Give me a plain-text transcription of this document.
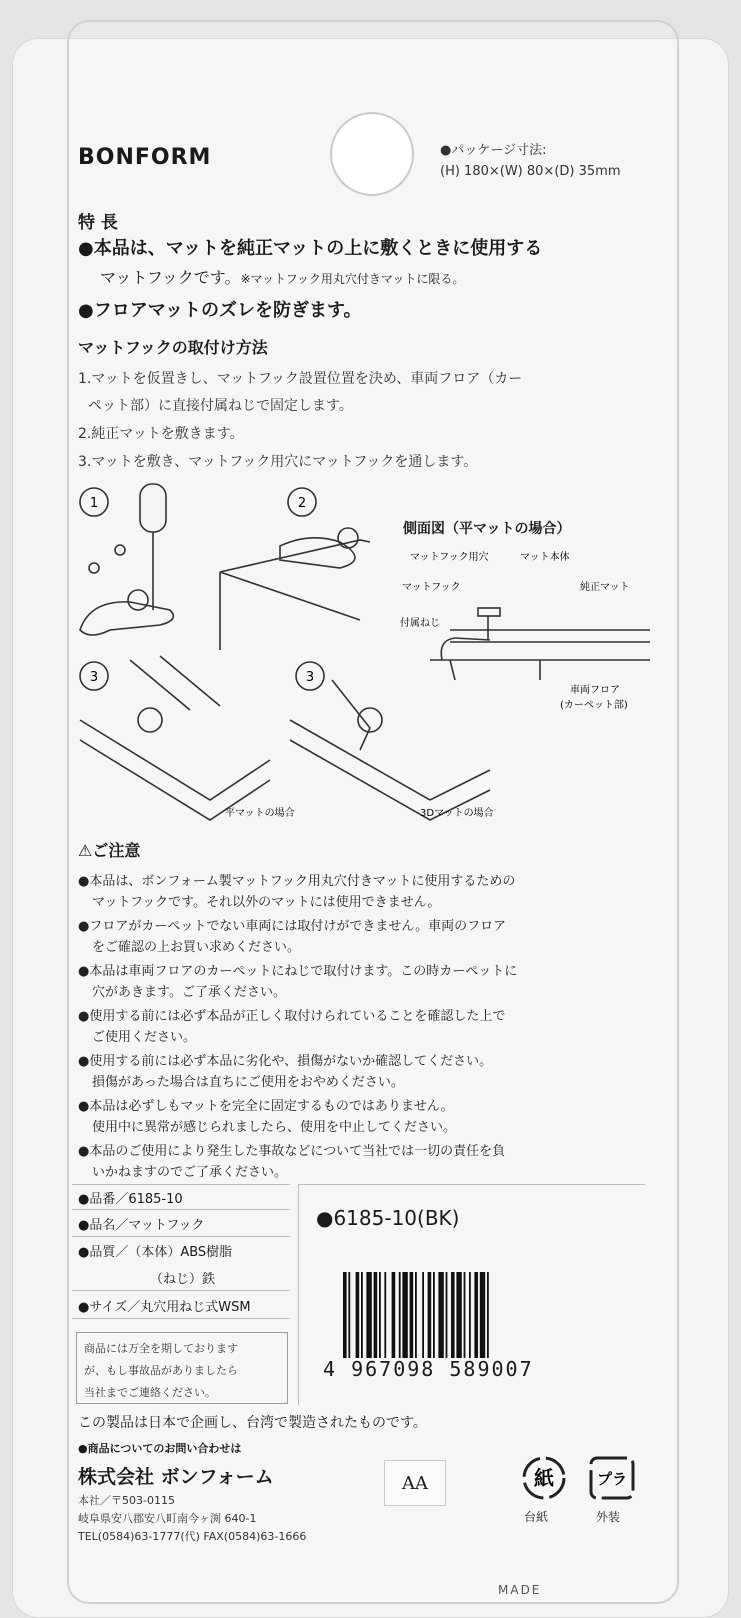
BONFORM	●パッケージ寸法:
(H) 180×(W) 80×(D) 35mm
特 長
●本品は、マットを純正マットの上に敷くときに使用する
マットフックです。※マットフック用丸穴付きマットに限る。
●フロアマットのズレを防ぎます。
マットフックの取付け方法
1.マットを仮置きし、マットフック設置位置を決め、車両フロア（カー
ペット部）に直接付属ねじで固定します。
2.純正マットを敷きます。
3.マットを敷き、マットフック用穴にマットフックを通します。
1	2
3	3
マットフック用穴	マット本体
マットフック	純正マット
付属ねじ
車両フロア
(カーペット部)
平マットの場合	3Dマットの場合
側面図（平マットの場合）
⚠ご注意
●本品は、ボンフォーム製マットフック用丸穴付きマットに使用するための
マットフックです。それ以外のマットには使用できません。
●フロアがカーペットでない車両には取付けができません。車両のフロア
をご確認の上お買い求めください。
●本品は車両フロアのカーペットにねじで取付けます。この時カーペットに
穴があきます。ご了承ください。
●使用する前には必ず本品が正しく取付けられていることを確認した上で
ご使用ください。
●使用する前には必ず本品に劣化や、損傷がないか確認してください。
損傷があった場合は直ちにご使用をおやめください。
●本品は必ずしもマットを完全に固定するものではありません。
使用中に異常が感じられましたら、使用を中止してください。
●本品のご使用により発生した事故などについて当社では一切の責任を負
いかねますのでご了承ください。
●品番／6185-10
●品名／マットフック
●品質／（本体）ABS樹脂
（ねじ）鉄
●サイズ／丸穴用ねじ式WSM
商品には万全を期しております
が、もし事故品がありましたら
当社までご連絡ください。
●6185-10(BK)
4 967098 589007
この製品は日本で企画し、台湾で製造されたものです。
●商品についてのお問い合わせは
株式会社 ボンフォーム
本社／〒503-0115
岐阜県安八郡安八町南今ヶ渕 640-1
TEL(0584)63-1777(代) FAX(0584)63-1666
AA	紙
台紙
プラ
外装
MADE
